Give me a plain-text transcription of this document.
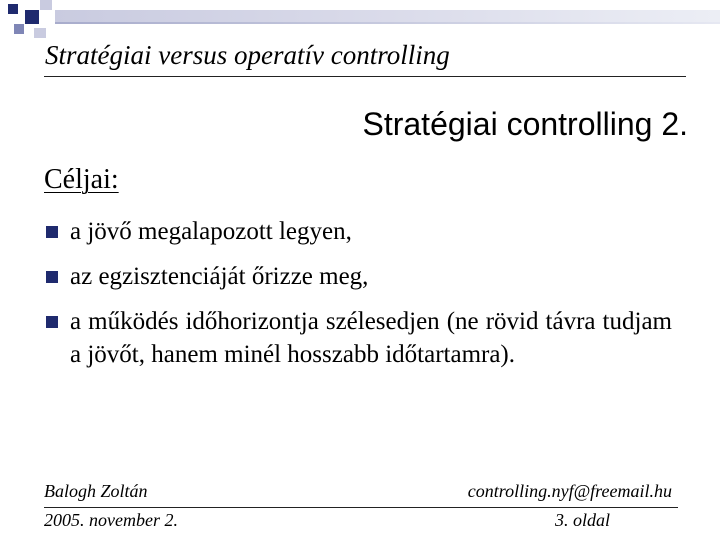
Stratégiai versus operatív controlling
Stratégiai controlling 2.
Céljai:
a jövő megalapozott legyen,
az egzisztenciáját őrizze meg,
a működés időhorizontja szélesedjen (ne rövid távra tudjam a jövőt, hanem minél hosszabb időtartamra).
Balogh Zoltán	controlling.nyf@freemail.hu
2005. november 2.	3. oldal
